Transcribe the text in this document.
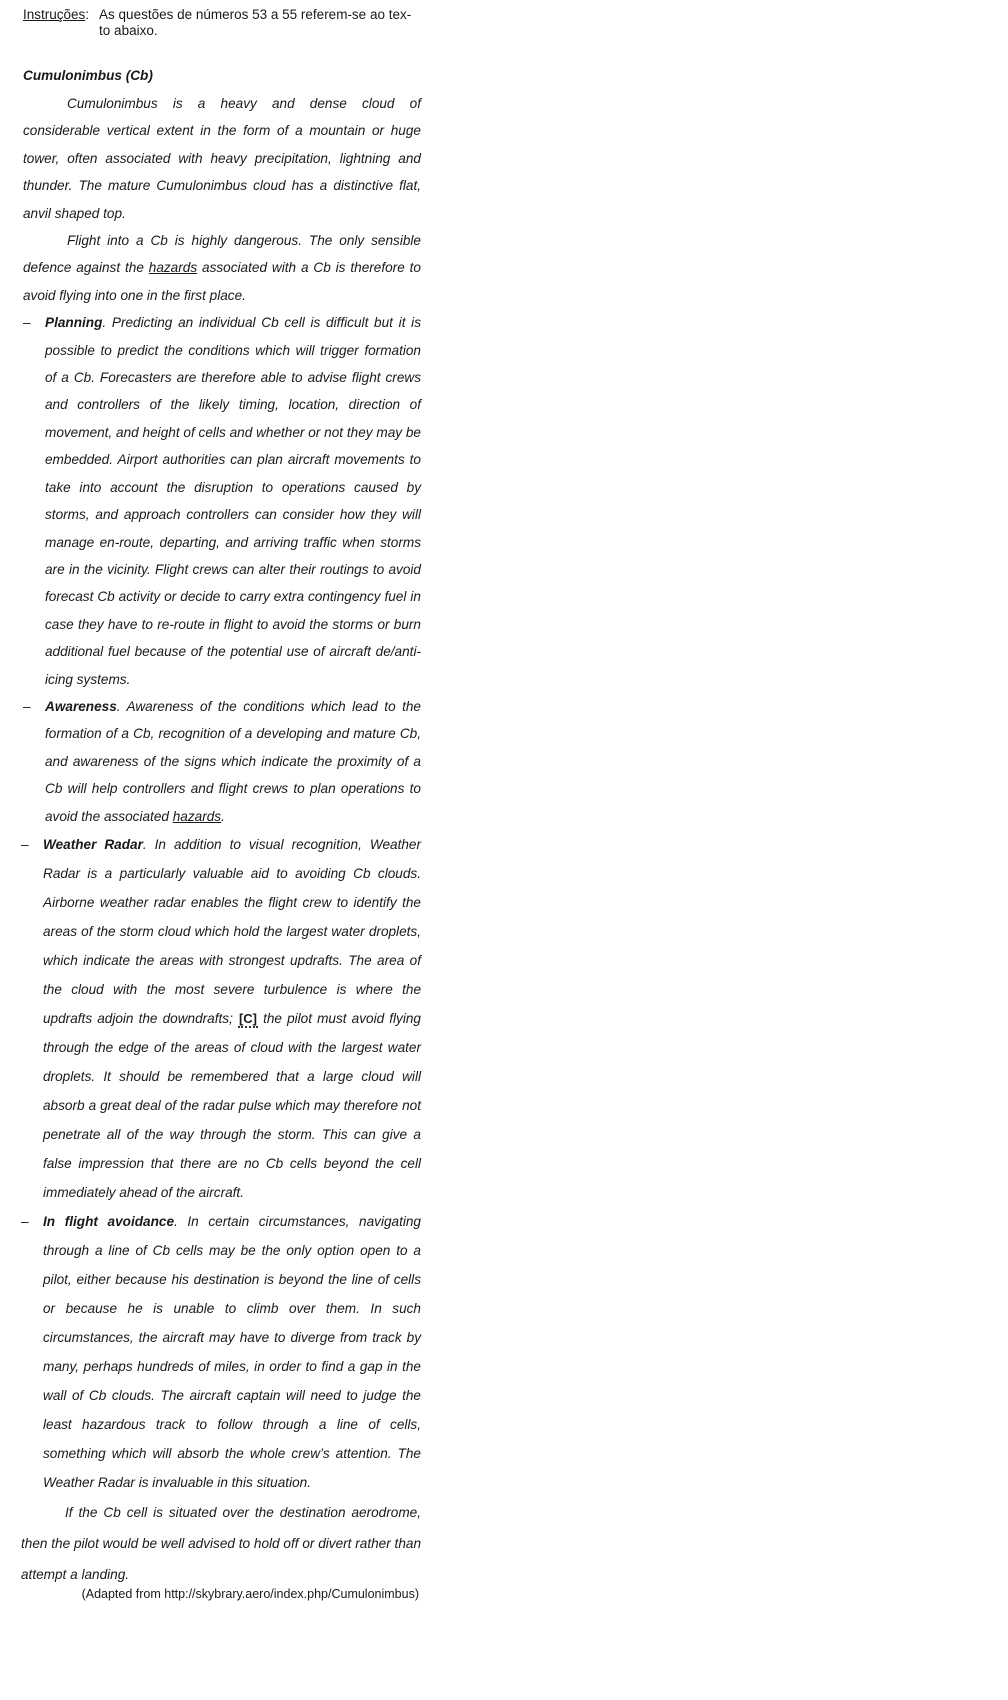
Instruções: As questões de números 53 a 55 referem-se ao tex-to abaixo.
Cumulonimbus (Cb)

Cumulonimbus is a heavy and dense cloud of considerable vertical extent in the form of a mountain or huge tower, often associated with heavy precipitation, lightning and thunder. The mature Cumulonimbus cloud has a distinctive flat, anvil shaped top.

Flight into a Cb is highly dangerous. The only sensible defence against the hazards associated with a Cb is therefore to avoid flying into one in the first place.

–	Planning. Predicting an individual Cb cell is difficult but it is possible to predict the conditions which will trigger formation of a Cb. Forecasters are therefore able to advise flight crews and controllers of the likely timing, location, direction of movement, and height of cells and whether or not they may be embedded. Airport authorities can plan aircraft movements to take into account the disruption to operations caused by storms, and approach controllers can consider how they will manage en-route, departing, and arriving traffic when storms are in the vicinity. Flight crews can alter their routings to avoid forecast Cb activity or decide to carry extra contingency fuel in case they have to re-route in flight to avoid the storms or burn additional fuel because of the potential use of aircraft de/anti-icing systems.
–	Awareness. Awareness of the conditions which lead to the formation of a Cb, recognition of a developing and mature Cb, and awareness of the signs which indicate the proximity of a Cb will help controllers and flight crews to plan operations to avoid the associated hazards.
–	Weather Radar. In addition to visual recognition, Weather Radar is a particularly valuable aid to avoiding Cb clouds. Airborne weather radar enables the flight crew to identify the areas of the storm cloud which hold the largest water droplets, which indicate the areas with strongest updrafts. The area of the cloud with the most severe turbulence is where the updrafts adjoin the downdrafts; [C] the pilot must avoid flying through the edge of the areas of cloud with the largest water droplets. It should be remembered that a large cloud will absorb a great deal of the radar pulse which may therefore not penetrate all of the way through the storm. This can give a false impression that there are no Cb cells beyond the cell immediately ahead of the aircraft.
–	In flight avoidance. In certain circumstances, navigating through a line of Cb cells may be the only option open to a pilot, either because his destination is beyond the line of cells or because he is unable to climb over them. In such circumstances, the aircraft may have to diverge from track by many, perhaps hundreds of miles, in order to find a gap in the wall of Cb clouds. The aircraft captain will need to judge the least hazardous track to follow through a line of cells, something which will absorb the whole crew’s attention. The Weather Radar is invaluable in this situation.

If the Cb cell is situated over the destination aerodrome, then the pilot would be well advised to hold off or divert rather than attempt a landing.

(Adapted from http://skybrary.aero/index.php/Cumulonimbus)
